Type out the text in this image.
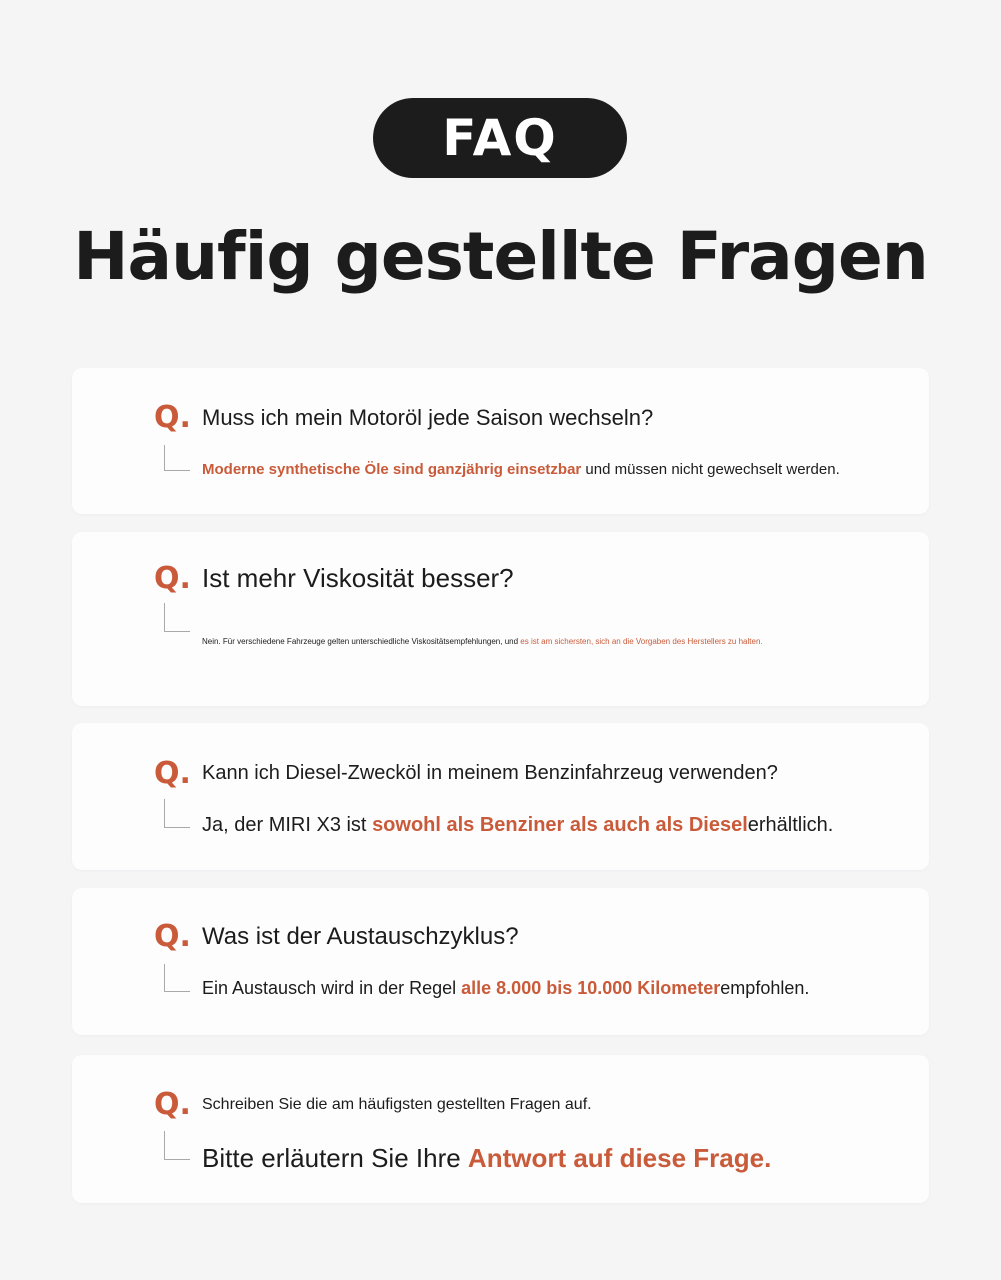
FAQ
Häufig gestellte Fragen
Q. Muss ich mein Motoröl jede Saison wechseln?
Moderne synthetische Öle sind ganzjährig einsetzbar und müssen nicht gewechselt werden.
Q. Ist mehr Viskosität besser?
Nein. Für verschiedene Fahrzeuge gelten unterschiedliche Viskositätsempfehlungen, und es ist am sichersten, sich an die Vorgaben des Herstellers zu halten.
Q. Kann ich Diesel-Zwecköl in meinem Benzinfahrzeug verwenden?
Ja, der MIRI X3 ist sowohl als Benziner als auch als Dieselerhältlich.
Q. Was ist der Austauschzyklus?
Ein Austausch wird in der Regel alle 8.000 bis 10.000 Kilometerempfohlen.
Q. Schreiben Sie die am häufigsten gestellten Fragen auf.
Bitte erläutern Sie Ihre Antwort auf diese Frage.
